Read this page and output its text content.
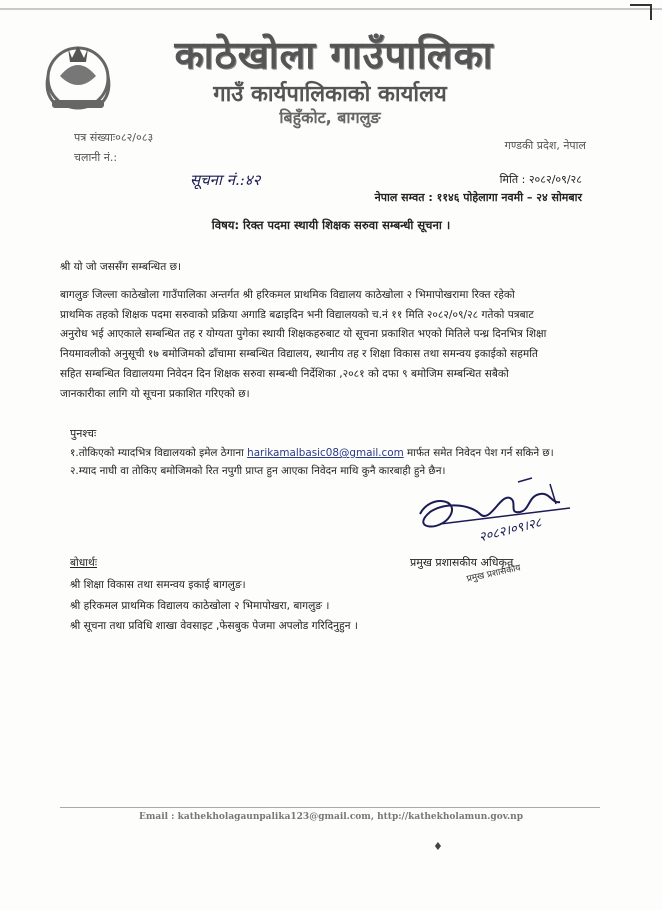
काठेखोला गाउँपालिका
गाउँ कार्यपालिकाको कार्यालय
बिहुँकोट, बागलुङ
पत्र संख्याः०८२/०८३
चलानी नं.:
गण्डकी प्रदेश, नेपाल
सूचना नं.:४२	मिति : २०८२/०९/२८
नेपाल सम्वत : ११४६ पोहेलागा नवमी – २४ सोमबार
विषय: रिक्त पदमा स्थायी शिक्षक सरुवा सम्बन्धी सूचना ।
श्री यो जो जससँग सम्बन्धित छ।
बागलुङ जिल्ला काठेखोला गाउँपालिका अन्तर्गत श्री हरिकमल प्राथमिक विद्यालय काठेखोला २ भिमापोखरामा रिक्त रहेको
प्राथमिक तहको शिक्षक पदमा सरुवाको प्रक्रिया अगाडि बढाइदिन भनी विद्यालयको च.नं ११ मिति २०८२/०९/२८ गतेको पत्रबाट
अनुरोध भई आएकाले सम्बन्धित तह र योग्यता पुगेका स्थायी शिक्षकहरुबाट यो सूचना प्रकाशित भएको मितिले पन्ध्र दिनभित्र शिक्षा
नियमावलीको अनुसूची १७ बमोजिमको ढाँचामा सम्बन्धित विद्यालय, स्थानीय तह र शिक्षा विकास तथा समन्वय इकाईको सहमति
सहित सम्बन्धित विद्यालयमा निवेदन दिन शिक्षक सरुवा सम्बन्धी निर्देशिका ,२०८१ को दफा ९ बमोजिम सम्बन्धित सबैको
जानकारीका लागि यो सूचना प्रकाशित गरिएको छ।
पुनश्चः
१.तोकिएको म्यादभित्र विद्यालयको इमेल ठेगाना harikamalbasic08@gmail.com मार्फत समेत निवेदन पेश गर्न सकिने छ।
२.म्याद नाघी वा तोकिए बमोजिमको रित नपुगी प्राप्त हुन आएका निवेदन माथि कुनै कारबाही हुने छैन।
२०८२।०९।२८
प्रमुख प्रशासकीय अधिकृत
प्रमुख प्रशासकीय
बोधार्थः
श्री शिक्षा विकास तथा समन्वय इकाई बागलुङ।
श्री हरिकमल प्राथमिक विद्यालय काठेखोला २ भिमापोखरा, बागलुङ ।
श्री सूचना तथा प्रविधि शाखा वेवसाइट ,फेसबुक पेजमा अपलोड गरिदिनुहुन ।
Email : kathekholagaunpalika123@gmail.com, http://kathekholamun.gov.np
♦
